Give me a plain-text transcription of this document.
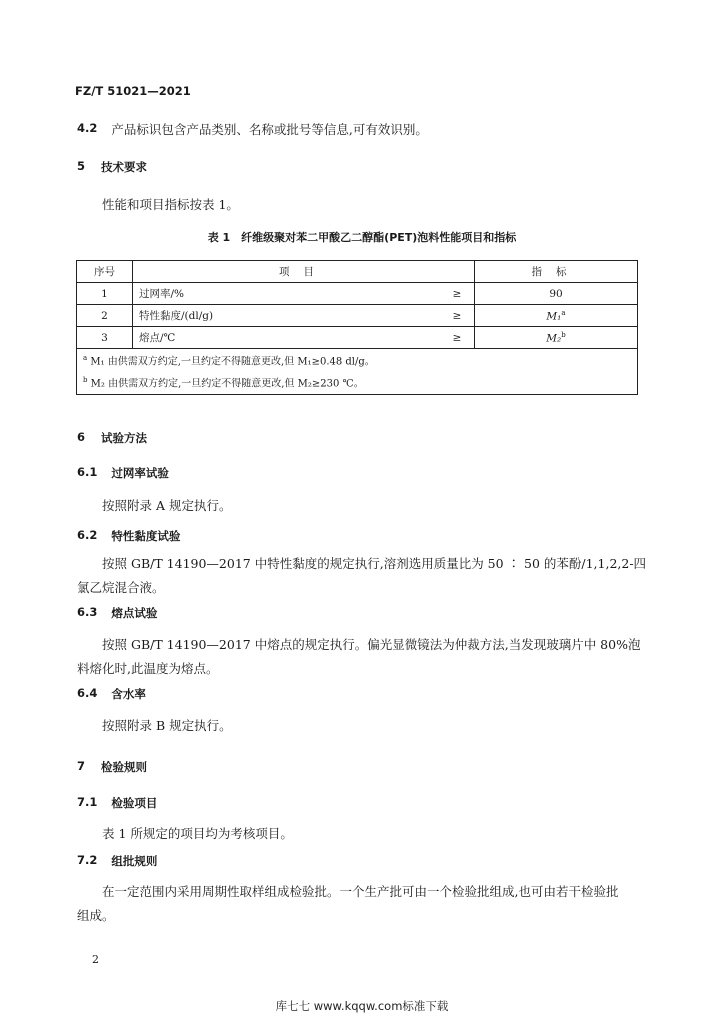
FZ/T 51021—2021
4.2 产品标识包含产品类别、名称或批号等信息,可有效识别。
5 技术要求
性能和项目指标按表 1。
表 1　纤维级聚对苯二甲酸乙二醇酯(PET)泡料性能项目和指标
序号	项目		指标
1	过网率/%	≥	90
2	特性黏度/(dl/g)	≥	M₁$^a$
3	熔点/℃	≥	M₂$^b$

$^a$ M₁ 由供需双方约定,一旦约定不得随意更改,但 M₁≥0.48 dl/g。
$^b$ M₂ 由供需双方约定,一旦约定不得随意更改,但 M₂≥230 ℃。			
6 试验方法
6.1 过网率试验
按照附录 A 规定执行。
6.2 特性黏度试验
按照 GB/T 14190—2017 中特性黏度的规定执行,溶剂选用质量比为 50 ∶ 50 的苯酚/1,1,2,2-四
氯乙烷混合液。
6.3 熔点试验
按照 GB/T 14190—2017 中熔点的规定执行。偏光显微镜法为仲裁方法,当发现玻璃片中 80%泡
料熔化时,此温度为熔点。
6.4 含水率
按照附录 B 规定执行。
7 检验规则
7.1 检验项目
表 1 所规定的项目均为考核项目。
7.2 组批规则
在一定范围内采用周期性取样组成检验批。一个生产批可由一个检验批组成,也可由若干检验批
组成。
2
库七七 www.kqqw.com标准下载
